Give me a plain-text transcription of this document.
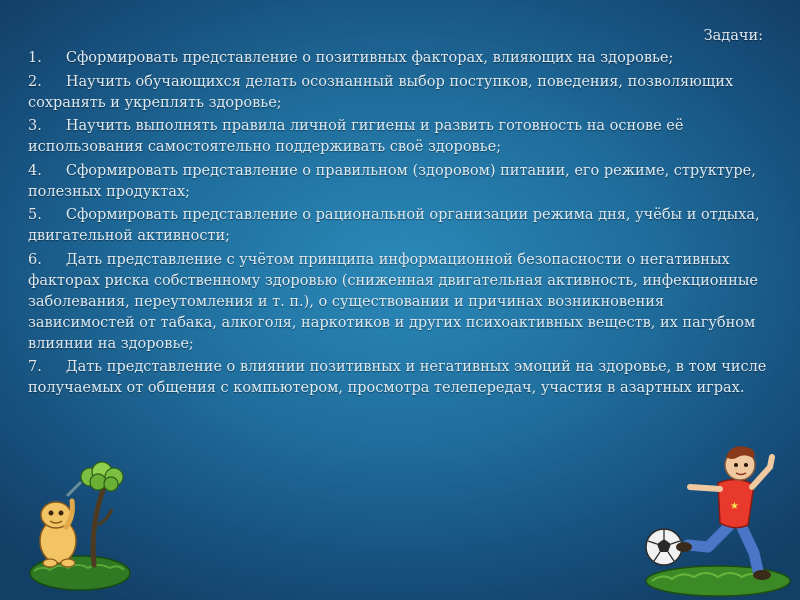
Задачи:

1. Сформировать представление о позитивных факторах, влияющих на здоровье;

2. Научить обучающихся делать осознанный выбор поступков, поведения, позволяющих сохранять и укреплять здоровье;

3. Научить выполнять правила личной гигиены и развить готовность на основе её использования самостоятельно поддерживать своё здоровье;

4. Сформировать представление о правильном (здоровом) питании, его режиме, структуре, полезных продуктах;

5. Сформировать представление о рациональной организации режима дня, учёбы и отдыха, двигательной активности;

6. Дать представление с учётом принципа информационной безопасности о негативных факторах риска собственному здоровью (сниженная двигательная активность, инфекционные заболевания, переутомления и т. п.), о существовании и причинах возникновения зависимостей от табака, алкоголя, наркотиков и других психоактивных веществ, их пагубном влиянии на здоровье;

7. Дать представление о влиянии позитивных и негативных эмоций на здоровье, в том числе получаемых от общения с компьютером, просмотра телепередач, участия в азартных играх.

★
